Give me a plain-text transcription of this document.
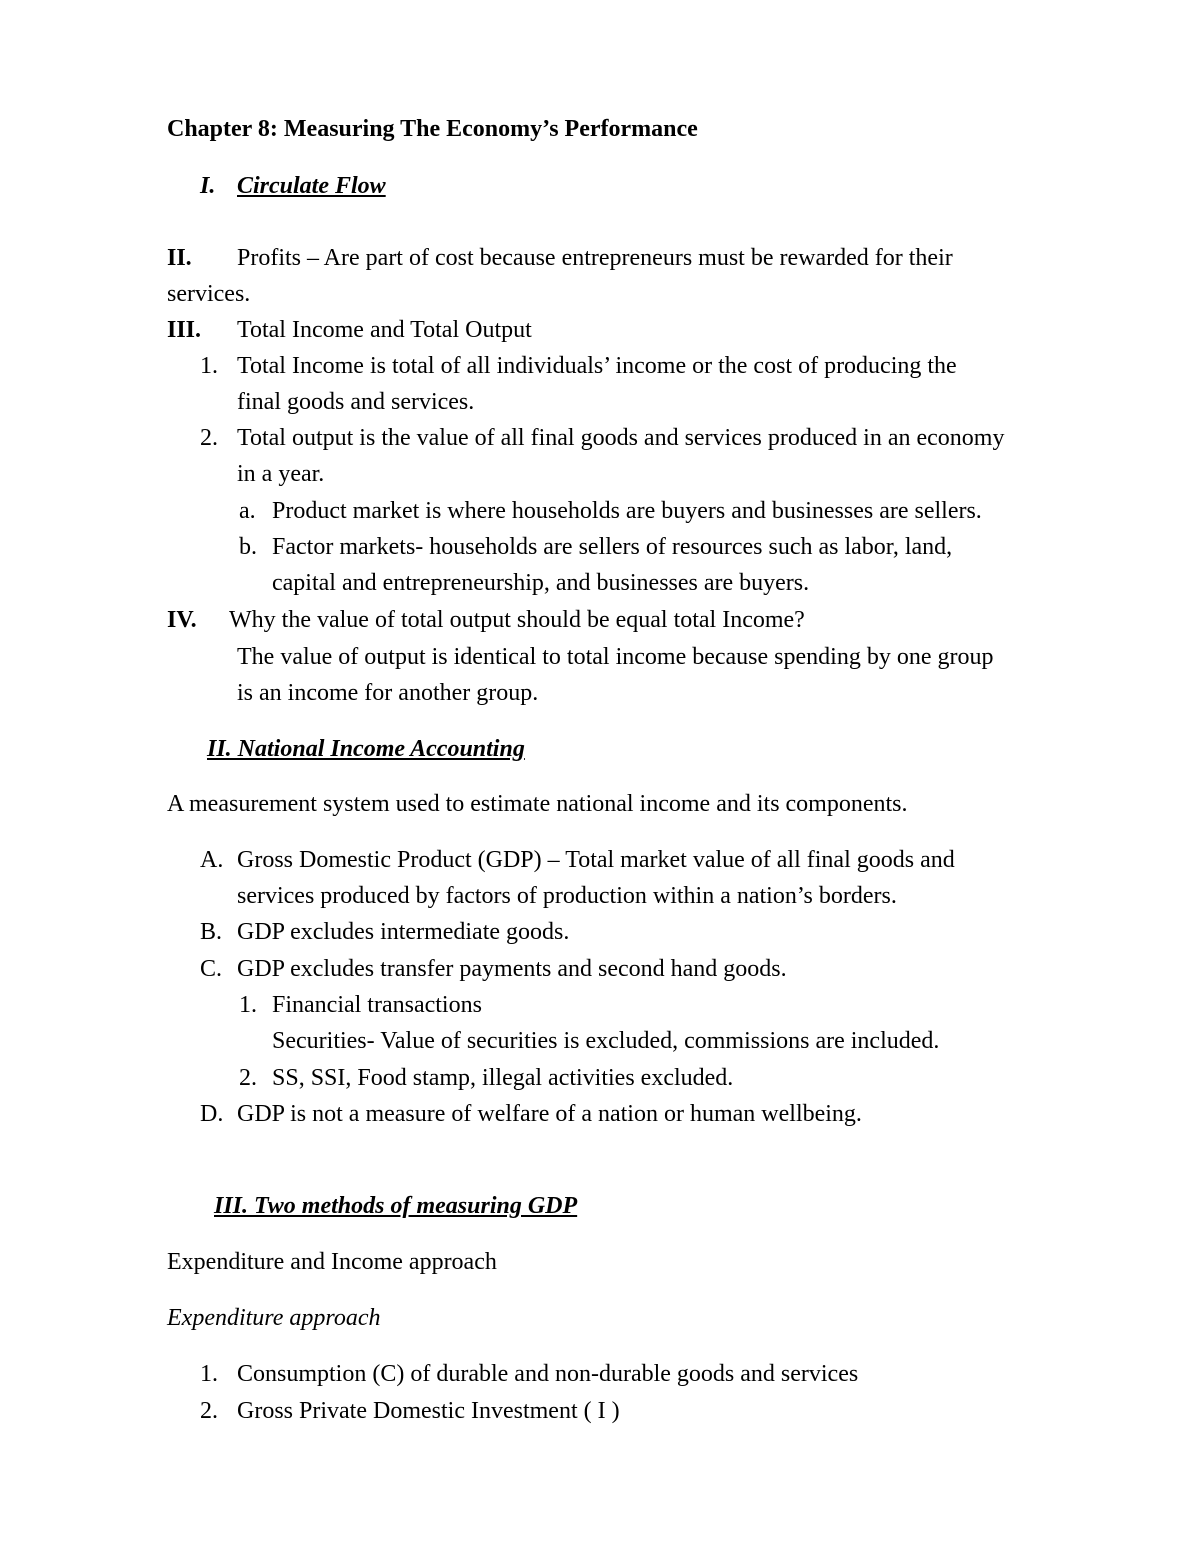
Chapter 8: Measuring The Economy’s Performance
I. Circulate Flow
II. Profits – Are part of cost because entrepreneurs must be rewarded for their
services.
III. Total Income and Total Output
1. Total Income is total of all individuals’ income or the cost of producing the
final goods and services.
2. Total output is the value of all final goods and services produced in an economy
in a year.
a. Product market is where households are buyers and businesses are sellers.
b. Factor markets- households are sellers of resources such as labor, land,
capital and entrepreneurship, and businesses are buyers.
IV. Why the value of total output should be equal total Income?
The value of output is identical to total income because spending by one group
is an income for another group.
II. National Income Accounting
A measurement system used to estimate national income and its components.
A. Gross Domestic Product (GDP) – Total market value of all final goods and
services produced by factors of production within a nation’s borders.
B. GDP excludes intermediate goods.
C. GDP excludes transfer payments and second hand goods.
1. Financial transactions
Securities- Value of securities is excluded, commissions are included.
2. SS, SSI, Food stamp, illegal activities excluded.
D. GDP is not a measure of welfare of a nation or human wellbeing.
III. Two methods of measuring GDP
Expenditure and Income approach
Expenditure approach
1. Consumption (C) of durable and non-durable goods and services
2. Gross Private Domestic Investment ( I )
